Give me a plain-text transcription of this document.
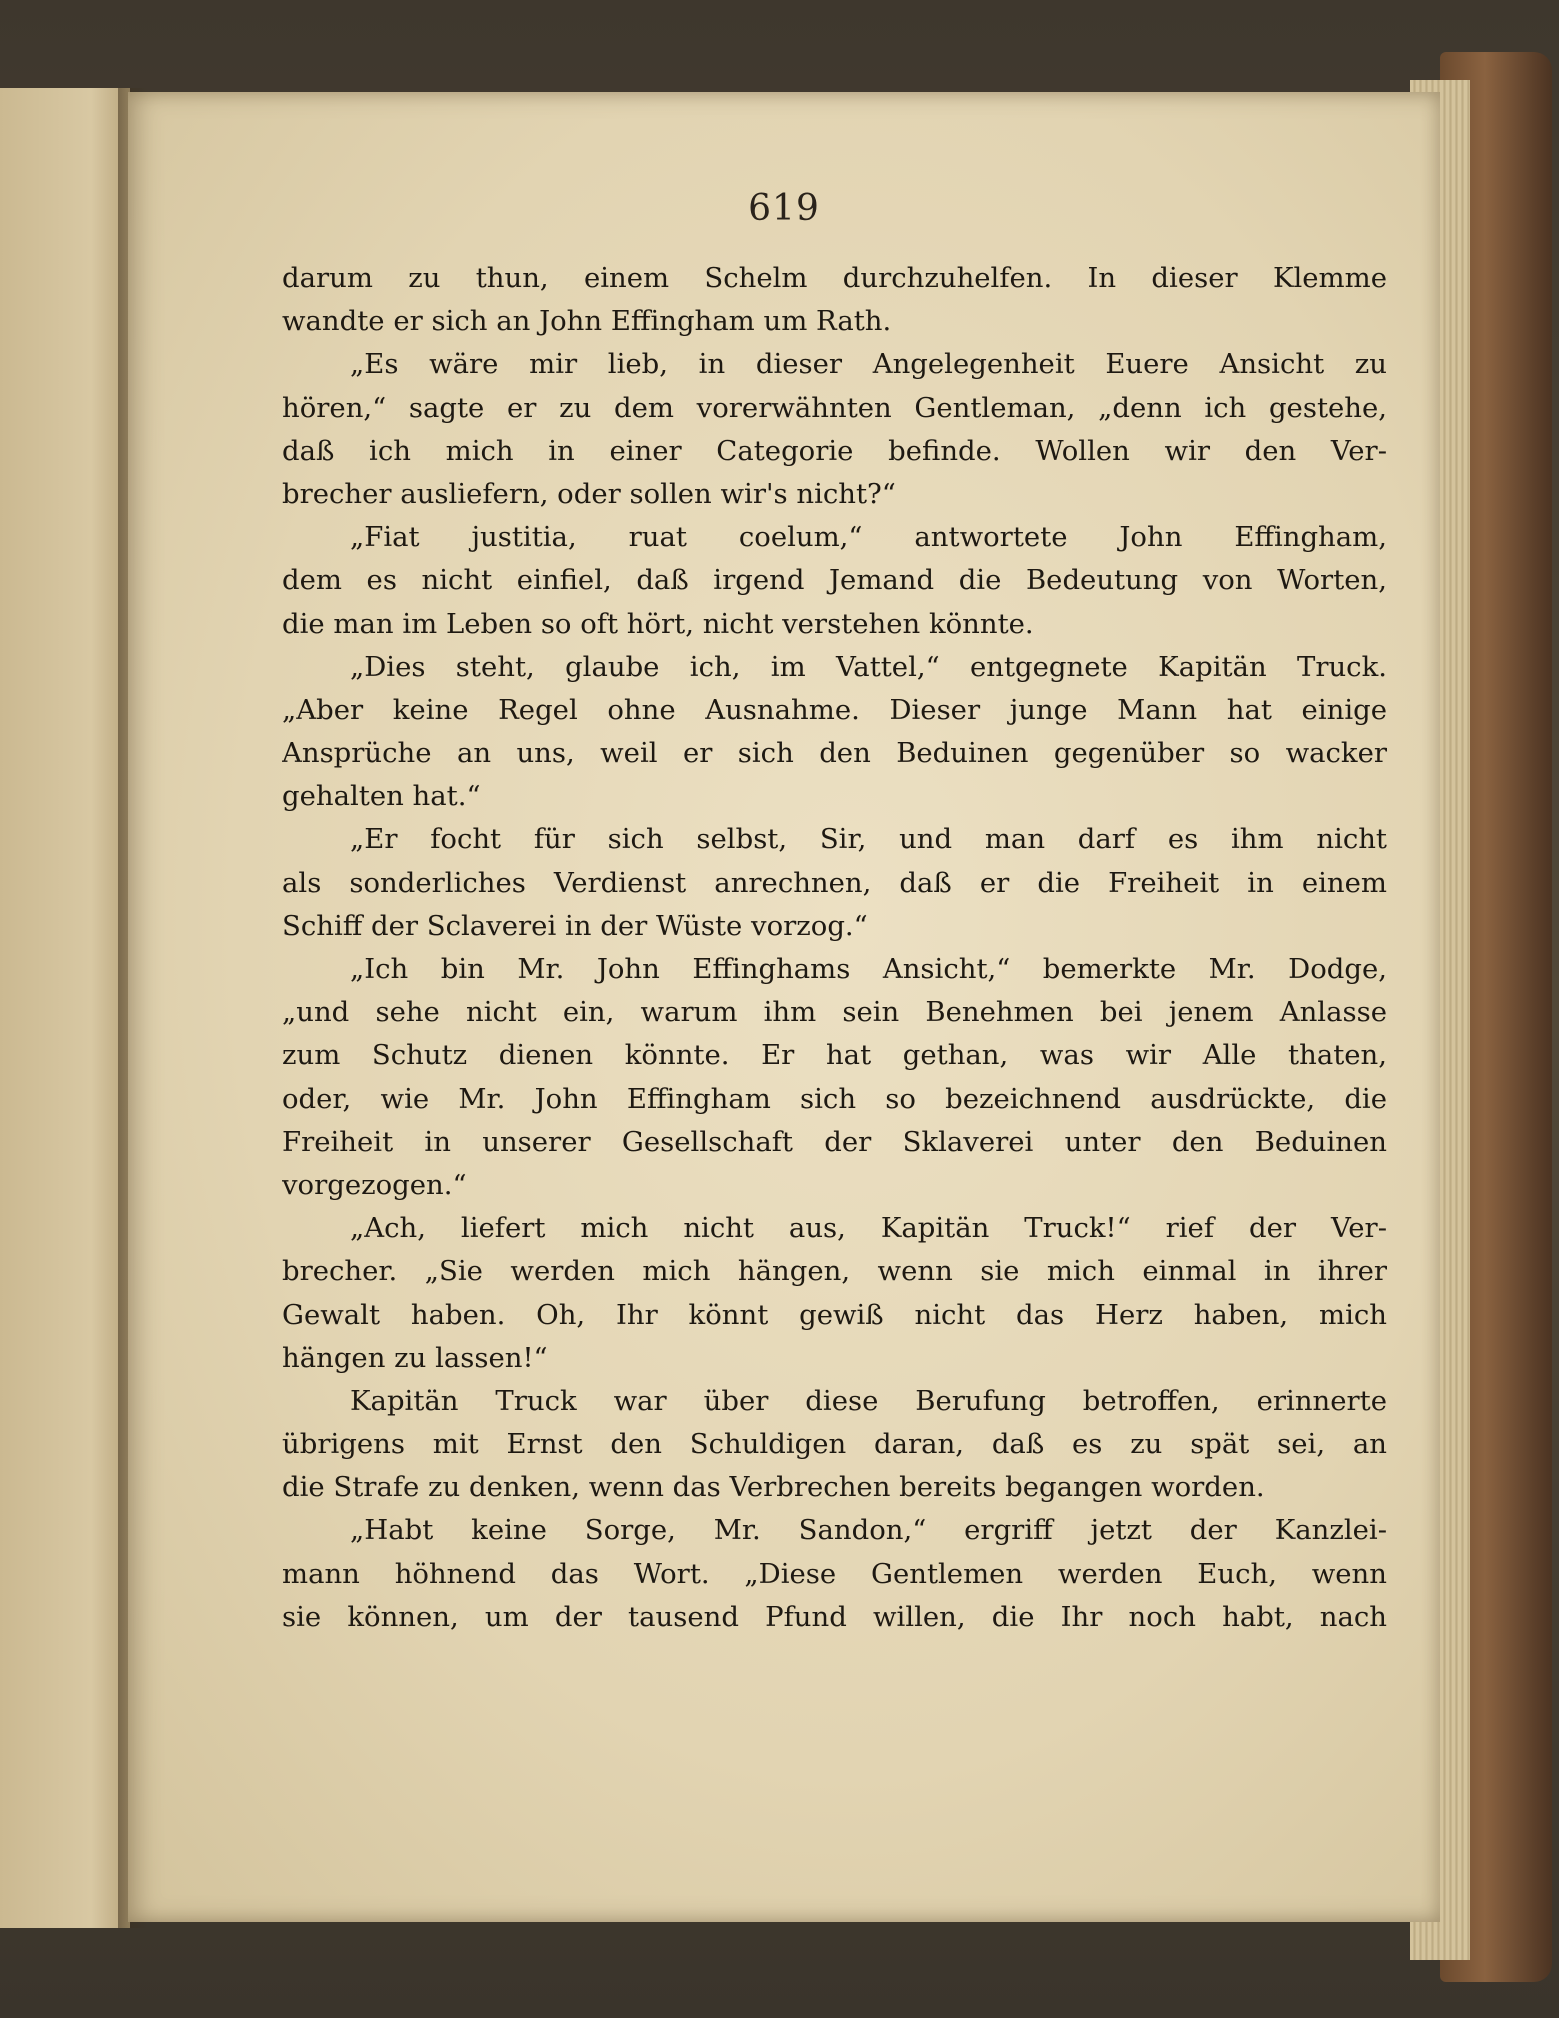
619
darum zu thun, einem Schelm durchzuhelfen. In dieser Klemme
wandte er sich an John Effingham um Rath.
„Es wäre mir lieb, in dieser Angelegenheit Euere Ansicht zu
hören,“ sagte er zu dem vorerwähnten Gentleman, „denn ich gestehe,
daß ich mich in einer Categorie befinde. Wollen wir den Ver-
brecher ausliefern, oder sollen wir's nicht?“
„Fiat justitia, ruat coelum,“ antwortete John Effingham,
dem es nicht einfiel, daß irgend Jemand die Bedeutung von Worten,
die man im Leben so oft hört, nicht verstehen könnte.
„Dies steht, glaube ich, im Vattel,“ entgegnete Kapitän Truck.
„Aber keine Regel ohne Ausnahme. Dieser junge Mann hat einige
Ansprüche an uns, weil er sich den Beduinen gegenüber so wacker
gehalten hat.“
„Er focht für sich selbst, Sir, und man darf es ihm nicht
als sonderliches Verdienst anrechnen, daß er die Freiheit in einem
Schiff der Sclaverei in der Wüste vorzog.“
„Ich bin Mr. John Effinghams Ansicht,“ bemerkte Mr. Dodge,
„und sehe nicht ein, warum ihm sein Benehmen bei jenem Anlasse
zum Schutz dienen könnte. Er hat gethan, was wir Alle thaten,
oder, wie Mr. John Effingham sich so bezeichnend ausdrückte, die
Freiheit in unserer Gesellschaft der Sklaverei unter den Beduinen
vorgezogen.“
„Ach, liefert mich nicht aus, Kapitän Truck!“ rief der Ver-
brecher. „Sie werden mich hängen, wenn sie mich einmal in ihrer
Gewalt haben. Oh, Ihr könnt gewiß nicht das Herz haben, mich
hängen zu lassen!“
Kapitän Truck war über diese Berufung betroffen, erinnerte
übrigens mit Ernst den Schuldigen daran, daß es zu spät sei, an
die Strafe zu denken, wenn das Verbrechen bereits begangen worden.
„Habt keine Sorge, Mr. Sandon,“ ergriff jetzt der Kanzlei-
mann höhnend das Wort. „Diese Gentlemen werden Euch, wenn
sie können, um der tausend Pfund willen, die Ihr noch habt, nach
